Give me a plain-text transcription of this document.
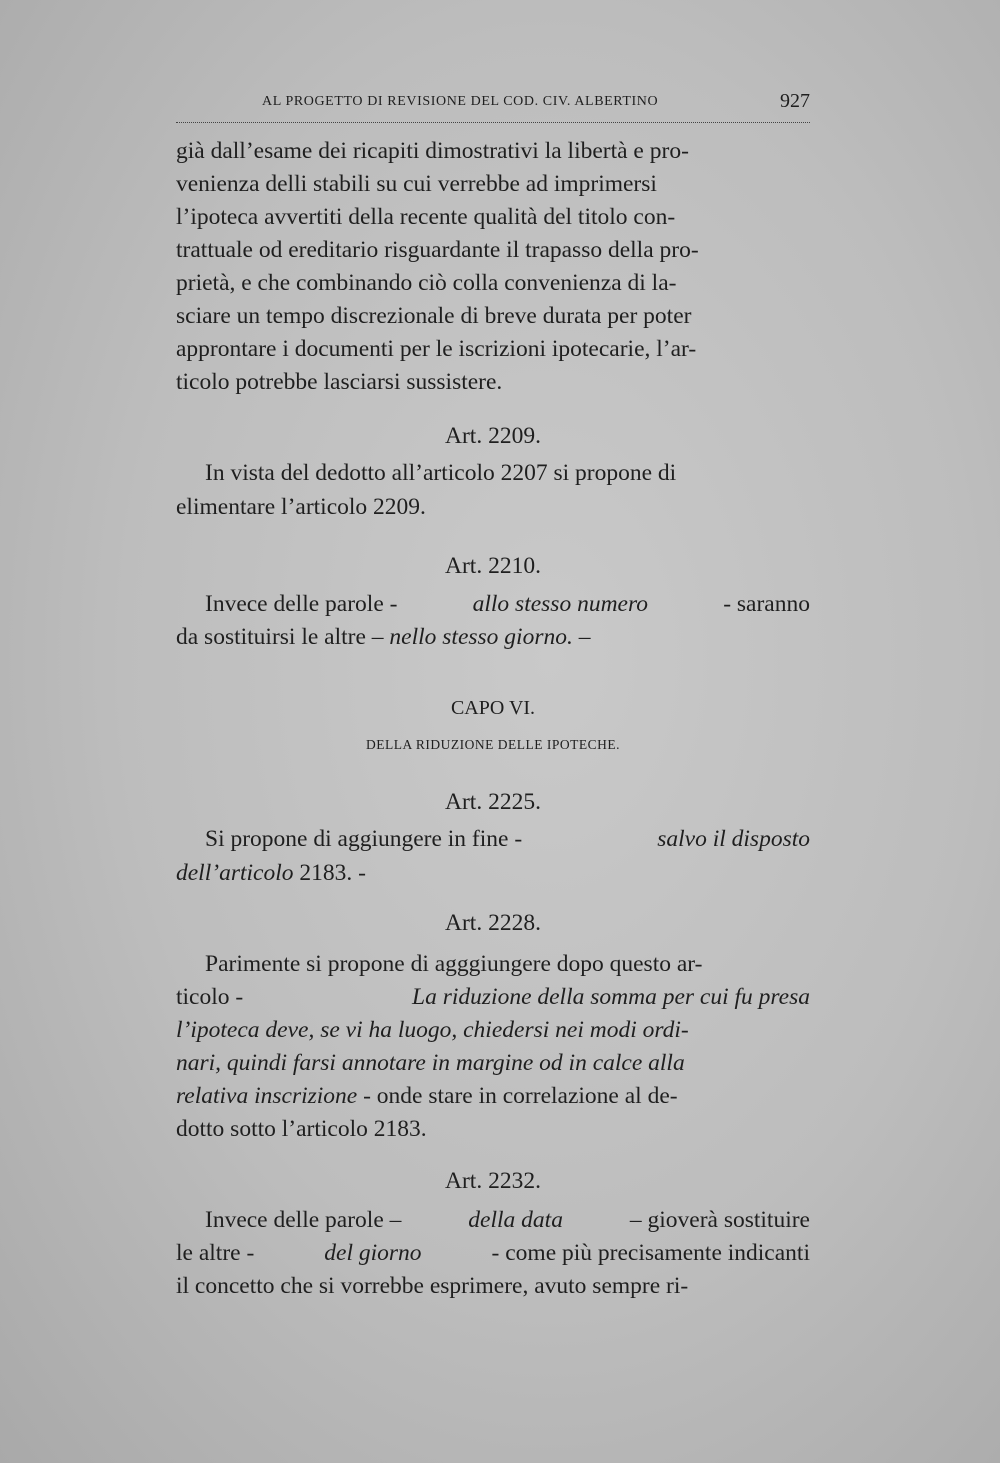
AL PROGETTO DI REVISIONE DEL COD. CIV. ALBERTINO	927
già dall’esame dei ricapiti dimostrativi la libertà e pro-
venienza delli stabili su cui verrebbe ad imprimersi
l’ipoteca avvertiti della recente qualità del titolo con-
trattuale od ereditario risguardante il trapasso della pro-
prietà, e che combinando ciò colla convenienza di la-
sciare un tempo discrezionale di breve durata per poter
approntare i documenti per le iscrizioni ipotecarie, l’ar-
ticolo potrebbe lasciarsi sussistere.
Art. 2209.
In vista del dedotto all’articolo 2207 si propone di
elimentare l’articolo 2209.
Art. 2210.
Invece delle parole -	allo stesso numero	- saranno
da sostituirsi le altre – nello stesso giorno. –
CAPO VI.
DELLA RIDUZIONE DELLE IPOTECHE.
Art. 2225.
Si propone di aggiungere in fine -	salvo il disposto
dell’articolo 2183. -
Art. 2228.
Parimente si propone di agggiungere dopo questo ar-
ticolo -	La riduzione della somma per cui fu presa
l’ipoteca deve, se vi ha luogo, chiedersi nei modi ordi-
nari, quindi farsi annotare in margine od in calce alla
relativa inscrizione - onde stare in correlazione al de-
dotto sotto l’articolo 2183.
Art. 2232.
Invece delle parole –	della data	– gioverà sostituire
le altre -	del giorno	- come più precisamente indicanti
il concetto che si vorrebbe esprimere, avuto sempre ri-
